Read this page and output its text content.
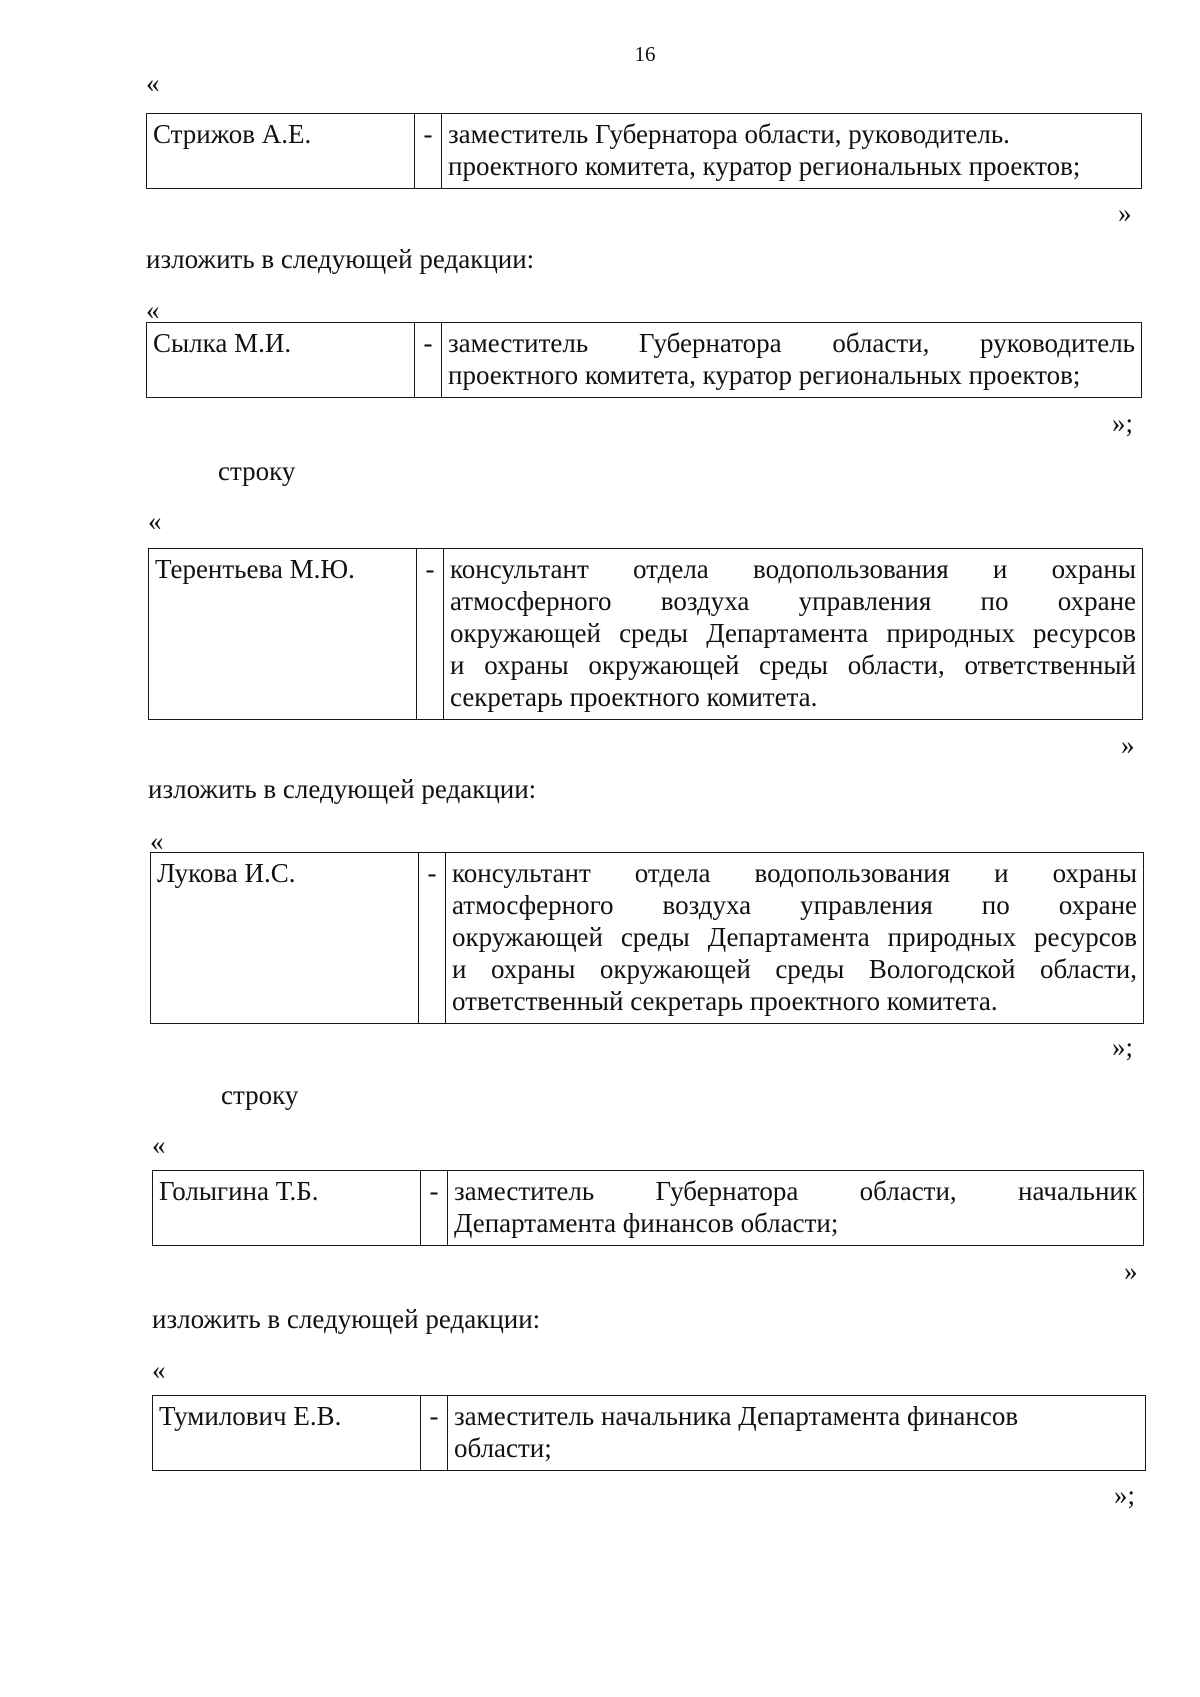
16
«
Стрижов А.Е.	-	заместитель Губернатора области, руководитель.
проектного комитета, куратор региональных проектов;
»
изложить в следующей редакции:
«
Сылка М.И.	-	заместитель Губернатора области, руководитель
проектного комитета, куратор региональных проектов;
»;
строку
«
Терентьева М.Ю.	-	консультант отдела водопользования и охраны
атмосферного воздуха управления по охране
окружающей среды Департамента природных ресурсов
и охраны окружающей среды области, ответственный
секретарь проектного комитета.
»
изложить в следующей редакции:
«
Лукова И.С.	-	консультант отдела водопользования и охраны
атмосферного воздуха управления по охране
окружающей среды Департамента природных ресурсов
и охраны окружающей среды Вологодской области,
ответственный секретарь проектного комитета.
»;
строку
«
Голыгина Т.Б.	-	заместитель Губернатора области, начальник
Департамента финансов области;
»
изложить в следующей редакции:
«
Тумилович Е.В.	-	заместитель начальника Департамента финансов
области;
»;
